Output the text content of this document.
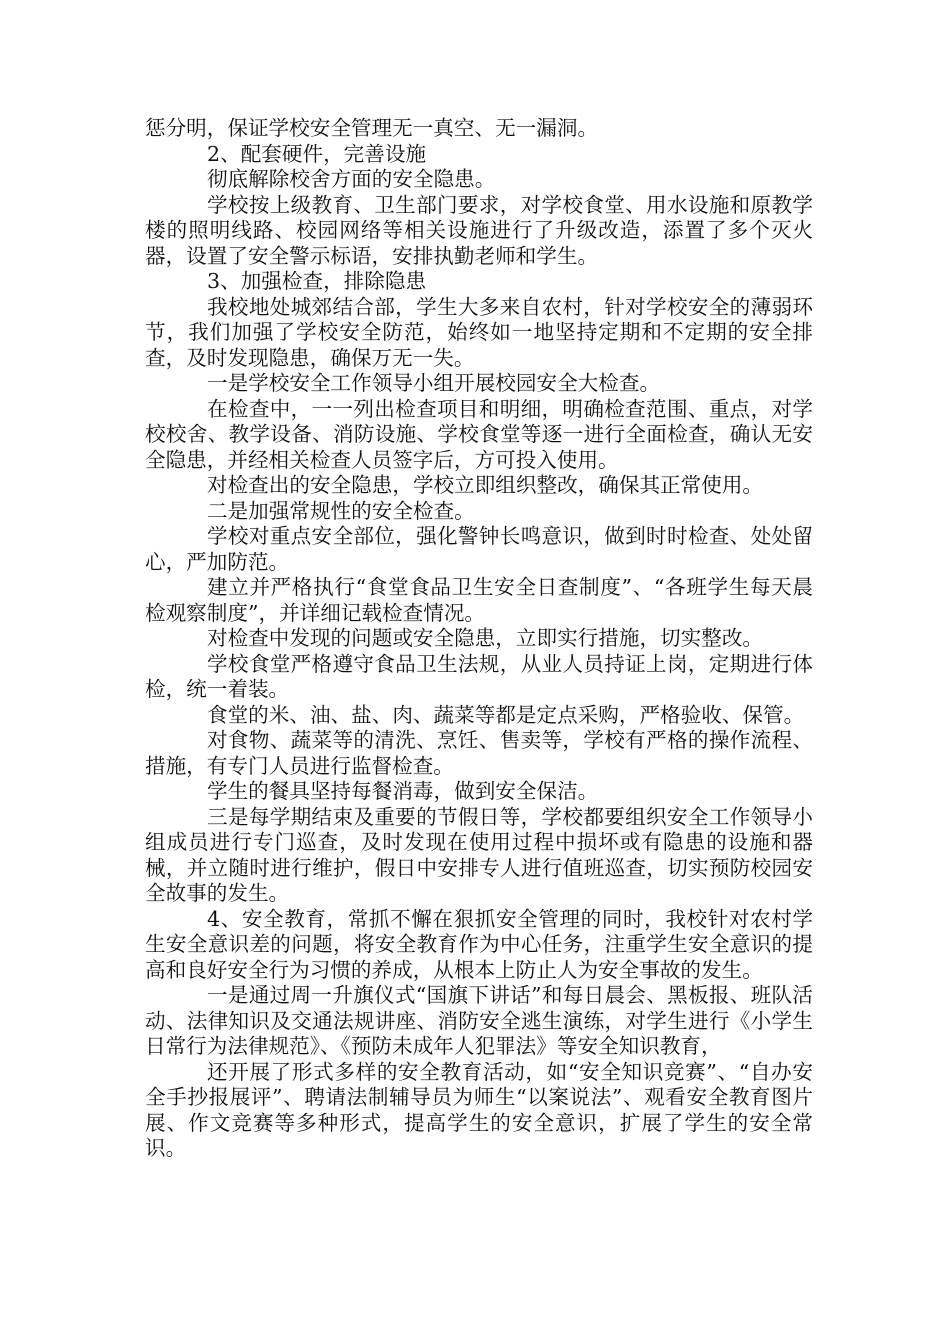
惩分明，保证学校安全管理无一真空、无一漏洞。

2、配套硬件，完善设施

彻底解除校舍方面的安全隐患。

学校按上级教育、卫生部门要求，对学校食堂、用水设施和原教学楼的照明线路、校园网络等相关设施进行了升级改造，添置了多个灭火器，设置了安全警示标语，安排执勤老师和学生。

3、加强检查，排除隐患

我校地处城郊结合部，学生大多来自农村，针对学校安全的薄弱环节，我们加强了学校安全防范，始终如一地坚持定期和不定期的安全排查，及时发现隐患，确保万无一失。

一是学校安全工作领导小组开展校园安全大检查。

在检查中，一一列出检查项目和明细，明确检查范围、重点，对学校校舍、教学设备、消防设施、学校食堂等逐一进行全面检查，确认无安全隐患，并经相关检查人员签字后，方可投入使用。

对检查出的安全隐患，学校立即组织整改，确保其正常使用。

二是加强常规性的安全检查。

学校对重点安全部位，强化警钟长鸣意识，做到时时检查、处处留心，严加防范。

建立并严格执行“食堂食品卫生安全日查制度”、“各班学生每天晨检观察制度”，并详细记载检查情况。

对检查中发现的问题或安全隐患，立即实行措施，切实整改。

学校食堂严格遵守食品卫生法规，从业人员持证上岗，定期进行体检，统一着装。

食堂的米、油、盐、肉、蔬菜等都是定点采购，严格验收、保管。

对食物、蔬菜等的清洗、烹饪、售卖等，学校有严格的操作流程、措施，有专门人员进行监督检查。

学生的餐具坚持每餐消毒，做到安全保洁。

三是每学期结束及重要的节假日等，学校都要组织安全工作领导小组成员进行专门巡查，及时发现在使用过程中损坏或有隐患的设施和器械，并立随时进行维护，假日中安排专人进行值班巡查，切实预防校园安全故事的发生。

4、安全教育，常抓不懈在狠抓安全管理的同时，我校针对农村学生安全意识差的问题，将安全教育作为中心任务，注重学生安全意识的提高和良好安全行为习惯的养成，从根本上防止人为安全事故的发生。

一是通过周一升旗仪式“国旗下讲话”和每日晨会、黑板报、班队活动、法律知识及交通法规讲座、消防安全逃生演练，对学生进行《小学生日常行为法律规范》、《预防未成年人犯罪法》等安全知识教育，

还开展了形式多样的安全教育活动，如“安全知识竞赛”、“自办安全手抄报展评”、聘请法制辅导员为师生“以案说法”、观看安全教育图片展、作文竞赛等多种形式，提高学生的安全意识，扩展了学生的安全常识。
